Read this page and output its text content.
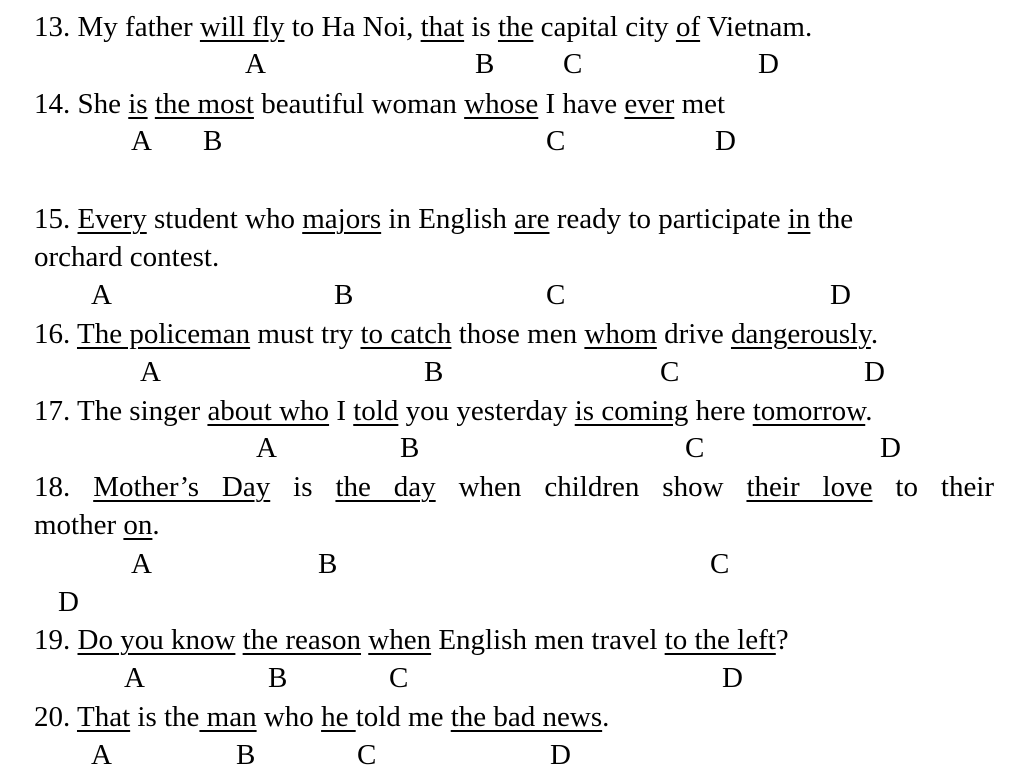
13. My father will fly to Ha Noi, that is the capital city of Vietnam.
A	B C	D
14. She is the most beautiful woman whose I have ever met
A B	C	D
15. Every student who majors in English are ready to participate in the
orchard contest.
A	B	C	D
16. The policeman must try to catch those men whom drive dangerously.
A	B	C	D
17. The singer about who I told you yesterday is coming here tomorrow.
A	B	C	D
18. Mother’s Day is the day when children show their love to their
mother on.
A	B	C
D
19. Do you know the reason when English men travel to the left?
A	B	C	D
20. That is the man who he told me the bad news.
A	B	C	D
